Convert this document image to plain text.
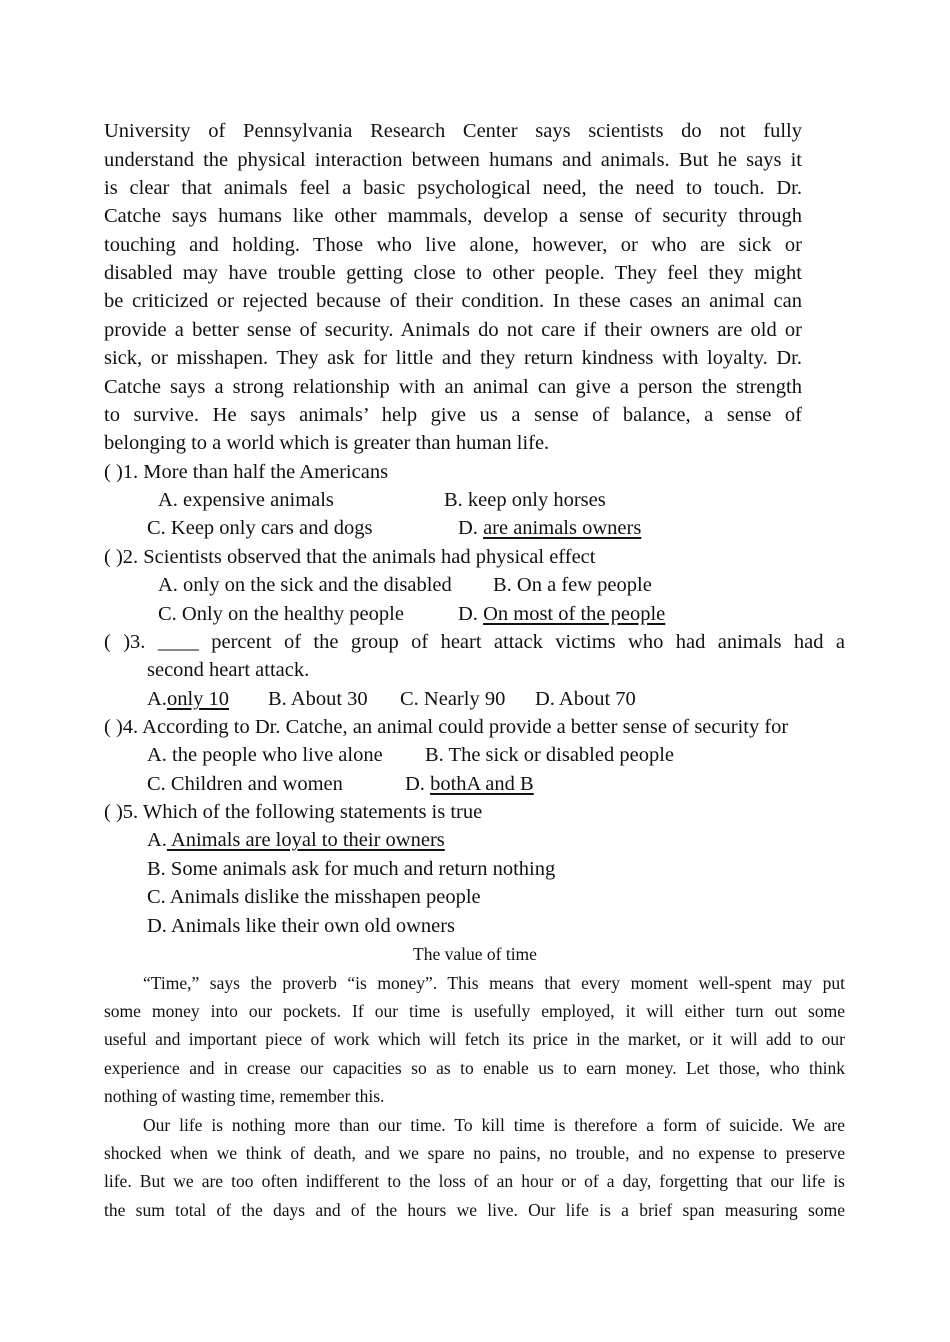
University of Pennsylvania Research Center says scientists do not fully
understand the physical interaction between humans and animals. But he says it
is clear that animals feel a basic psychological need, the need to touch. Dr.
Catche says humans like other mammals, develop a sense of security through
touching and holding. Those who live alone, however, or who are sick or
disabled may have trouble getting close to other people. They feel they might
be criticized or rejected because of their condition. In these cases an animal can
provide a better sense of security. Animals do not care if their owners are old or
sick, or misshapen. They ask for little and they return kindness with loyalty. Dr.
Catche says a strong relationship with an animal can give a person the strength
to survive. He says animals’ help give us a sense of balance, a sense of
belonging to a world which is greater than human life.
( )1. More than half the Americans
A. expensive animals	B. keep only horses
C. Keep only cars and dogs	D. are animals owners
( )2. Scientists observed that the animals had physical effect
A. only on the sick and the disabled B. On a few people
C. Only on the healthy people	D. On most of the people
( )3. ____ percent of the group of heart attack victims who had animals had a
second heart attack.
A.only 10 B. About 30 C. Nearly 90 D. About 70
( )4. According to Dr. Catche, an animal could provide a better sense of security for
A. the people who live alone B. The sick or disabled people
C. Children and women	D. bothA and B
( )5. Which of the following statements is true
A. Animals are loyal to their owners
B. Some animals ask for much and return nothing
C. Animals dislike the misshapen people
D. Animals like their own old owners
The value of time
“Time,” says the proverb “is money”. This means that every moment well-spent may put
some money into our pockets. If our time is usefully employed, it will either turn out some
useful and important piece of work which will fetch its price in the market, or it will add to our
experience and in crease our capacities so as to enable us to earn money. Let those, who think
nothing of wasting time, remember this.
Our life is nothing more than our time. To kill time is therefore a form of suicide. We are
shocked when we think of death, and we spare no pains, no trouble, and no expense to preserve
life. But we are too often indifferent to the loss of an hour or of a day, forgetting that our life is
the sum total of the days and of the hours we live. Our life is a brief span measuring some
